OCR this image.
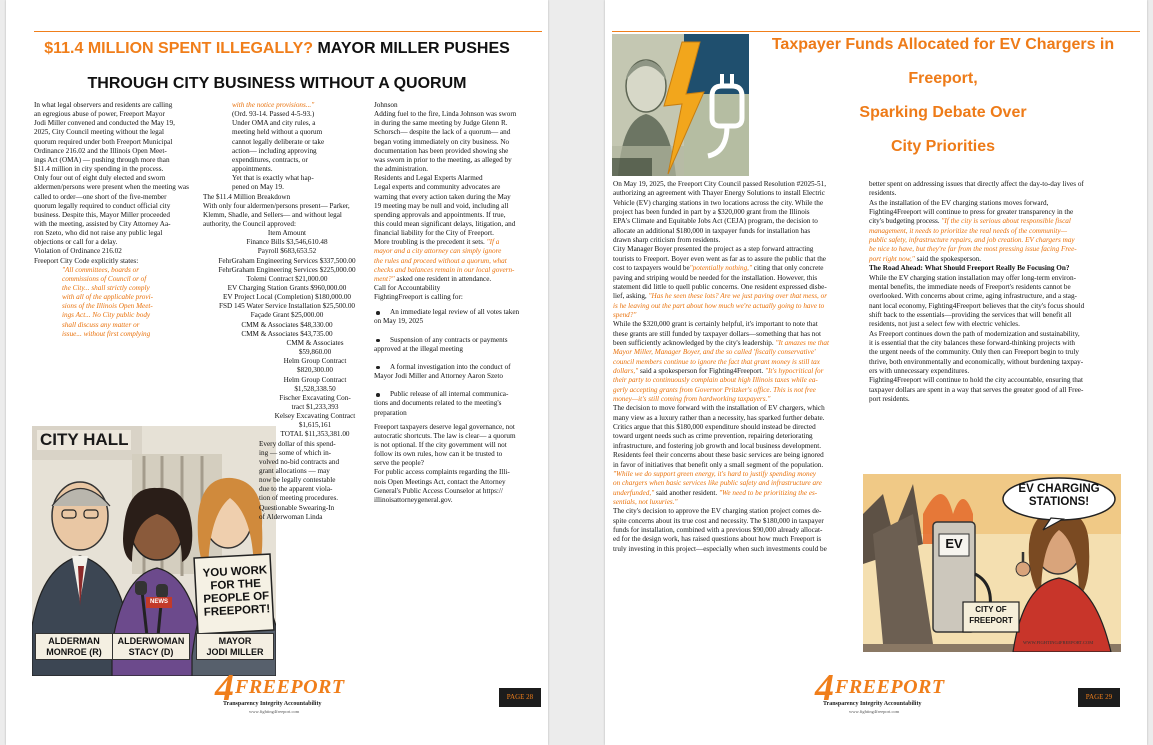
$11.4 MILLION SPENT ILLEGALLY? MAYOR MILLER PUSHES
THROUGH CITY BUSINESS WITHOUT A QUORUM
CITY HALL
NEWS
YOU WORK
FOR THE
PEOPLE OF
FREEPORT!
ALDERMAN
MONROE (R)
ALDERWOMAN
STACY (D)
MAYOR
JODI MILLER
4 FREEPORT
Transparency Integrity Accountability
www.fighting4freeport.com
PAGE 28
In what legal observers and residents are calling
an egregious abuse of power, Freeport Mayor
Jodi Miller convened and conducted the May 19,
2025, City Council meeting without the legal
quorum required under both Freeport Municipal
Ordinance 216.02 and the Illinois Open Meet-
ings Act (OMA) — pushing through more than
$11.4 million in city spending in the process.
Only four out of eight duly elected and sworn
aldermen/persons were present when the meeting was
called to order—one short of the five-member
quorum legally required to conduct official city
business. Despite this, Mayor Miller proceeded
with the meeting, assisted by City Attorney Aa-
ron Szeto, who did not raise any public legal
objections or call for a delay.
Violation of Ordinance 216.02
Freeport City Code explicitly states:
"All committees, boards or
commissions of Council or of
the City... shall strictly comply
with all of the applicable provi-
sions of the Illinois Open Meet-
ings Act... No City public body
shall discuss any matter or
issue... without first complying
with the notice provisions..."
(Ord. 93-14. Passed 4-5-93.)
Under OMA and city rules, a
meeting held without a quorum
cannot legally deliberate or take
action— including approving
expenditures, contracts, or
appointments.
Yet that is exactly what hap-
pened on May 19.
The $11.4 Million Breakdown
With only four aldermen/persons present— Parker,
Klemm, Shadle, and Sellers— and without legal
authority, the Council approved:
Item Amount
Finance Bills $3,546,610.48
Payroll $683,653.52
FehrGraham Engineering Services $337,500.00
FehrGraham Engineering Services $225,000.00
Tolemi Contract $21,000.00
EV Charging Station Grants $960,000.00
EV Project Local (Completion) $180,000.00
FSD 145 Water Service Installation $25,500.00
Façade Grant $25,000.00
CMM & Associates $48,330.00
CMM & Associates $43,735.00
CMM & Associates
$59,860.00
Helm Group Contract
$820,300.00
Helm Group Contract
$1,528,338.50
Fischer Excavating Con-
tract $1,233,393
Kelsey Excavating Contract
$1,615,161
TOTAL $11,353,381.00
Every dollar of this spend-
ing — some of which in-
volved no-bid contracts and
grant allocations — may
now be legally contestable
due to the apparent viola-
tion of meeting procedures.
Questionable Swearing-In
of Alderwoman Linda
Johnson
Adding fuel to the fire, Linda Johnson was sworn
in during the same meeting by Judge Glenn R.
Schorsch— despite the lack of a quorum— and
began voting immediately on city business. No
documentation has been provided showing she
was sworn in prior to the meeting, as alleged by
the administration.
Residents and Legal Experts Alarmed
Legal experts and community advocates are
warning that every action taken during the May
19 meeting may be null and void, including all
spending approvals and appointments. If true,
this could mean significant delays, litigation, and
financial liability for the City of Freeport.
More troubling is the precedent it sets. "If a
mayor and a city attorney can simply ignore
the rules and proceed without a quorum, what
checks and balances remain in our local govern-
ment?" asked one resident in attendance.
Call for Accountability
FightingFreeport is calling for:
An immediate legal review of all votes taken
on May 19, 2025
Suspension of any contracts or payments
approved at the illegal meeting
A formal investigation into the conduct of
Mayor Jodi Miller and Attorney Aaron Szeto
Public release of all internal communica-
tions and documents related to the meeting's
preparation
Freeport taxpayers deserve legal governance, not
autocratic shortcuts. The law is clear— a quorum
is not optional. If the city government will not
follow its own rules, how can it be trusted to
serve the people?
For public access complaints regarding the Illi-
nois Open Meetings Act, contact the Attorney
General's Public Access Counselor at https://
illinoisattorneygeneral.gov.
Taxpayer Funds Allocated for EV Chargers in
Freeport,
Sparking Debate Over
City Priorities
EV CHARGING
STATIONS!
EV
CITY OF
FREEPORT
WWW.FIGHTING4FREEPORT.COM
4 FREEPORT
Transparency Integrity Accountability
www.fighting4freeport.com
PAGE 29
On May 19, 2025, the Freeport City Council passed Resolution #2025-51,
authorizing an agreement with Thayer Energy Solutions to install Electric
Vehicle (EV) charging stations in two locations across the city. While the
project has been funded in part by a $320,000 grant from the Illinois
EPA's Climate and Equitable Jobs Act (CEJA) program, the decision to
allocate an additional $180,000 in taxpayer funds for installation has
drawn sharp criticism from residents.
City Manager Boyer presented the project as a step forward attracting
tourists to Freeport. Boyer even went as far as to assure the public that the
cost to taxpayers would be"potentially nothing," citing that only concrete
paving and striping would be needed for the installation. However, this
statement did little to quell public concerns. One resident expressed disbe-
lief, asking, "Has he seen these lots? Are we just paving over that mess, or
is he leaving out the part about how much we're actually going to have to
spend?"
While the $320,000 grant is certainly helpful, it's important to note that
these grants are still funded by taxpayer dollars—something that has not
been sufficiently acknowledged by the city's leadership. "It amazes me that
Mayor Miller, Manager Boyer, and the so called 'fiscally conservative'
council members continue to ignore the fact that grant money is still tax
dollars," said a spokesperson for Fighting4Freeport. "It's hypocritical for
their party to continuously complain about high Illinois taxes while ea-
gerly accepting grants from Governor Pritzker's office. This is not free
money—it's still coming from hardworking taxpayers."
The decision to move forward with the installation of EV chargers, which
many view as a luxury rather than a necessity, has sparked further debate.
Critics argue that this $180,000 expenditure should instead be directed
toward urgent needs such as crime prevention, repairing deteriorating
infrastructure, and fostering job growth and local business development.
Residents feel their concerns about these basic services are being ignored
in favor of initiatives that benefit only a small segment of the population.
"While we do support green energy, it's hard to justify spending money
on chargers when basic services like public safety and infrastructure are
underfunded," said another resident. "We need to be prioritizing the es-
sentials, not luxuries."
The city's decision to approve the EV charging station project comes de-
spite concerns about its true cost and necessity. The $180,000 in taxpayer
funds for installation, combined with a previous $90,000 already allocat-
ed for the design work, has raised questions about how much Freeport is
truly investing in this project—especially when such investments could be
better spent on addressing issues that directly affect the day-to-day lives of
residents.
As the installation of the EV charging stations moves forward,
Fighting4Freeport will continue to press for greater transparency in the
city's budgeting process. "If the city is serious about responsible fiscal
management, it needs to prioritize the real needs of the community—
public safety, infrastructure repairs, and job creation. EV chargers may
be nice to have, but they're far from the most pressing issue facing Free-
port right now," said the spokesperson.
The Road Ahead: What Should Freeport Really Be Focusing On?
While the EV charging station installation may offer long-term environ-
mental benefits, the immediate needs of Freeport's residents cannot be
overlooked. With concerns about crime, aging infrastructure, and a stag-
nant local economy, Fighting4Freeport believes that the city's focus should
shift back to the essentials—providing the services that will benefit all
residents, not just a select few with electric vehicles.
As Freeport continues down the path of modernization and sustainability,
it is essential that the city balances these forward-thinking projects with
the urgent needs of the community. Only then can Freeport begin to truly
thrive, both environmentally and economically, without burdening taxpay-
ers with unnecessary expenditures.
Fighting4Freeport will continue to hold the city accountable, ensuring that
taxpayer dollars are spent in a way that serves the greater good of all Free-
port residents.
